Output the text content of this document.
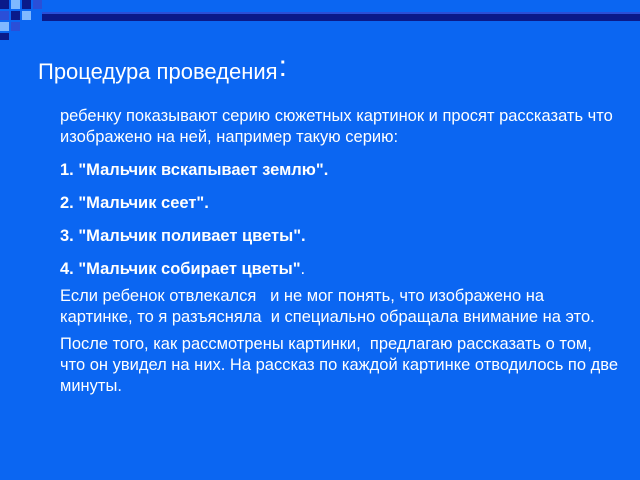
Процедура проведения:

ребенку показывают серию сюжетных картинок и просят рассказать что изображено на ней, например такую серию:

1. "Мальчик вскапывает землю".

2. "Мальчик сеет".

3. "Мальчик поливает цветы".

4. "Мальчик собирает цветы".

Если ребенок отвлекался   и не мог понять, что изображено на картинке, то я разъясняла  и специально обращала внимание на это.

После того, как рассмотрены картинки,  предлагаю рассказать о том, что он увидел на них. На рассказ по каждой картинке отводилось по две минуты.
